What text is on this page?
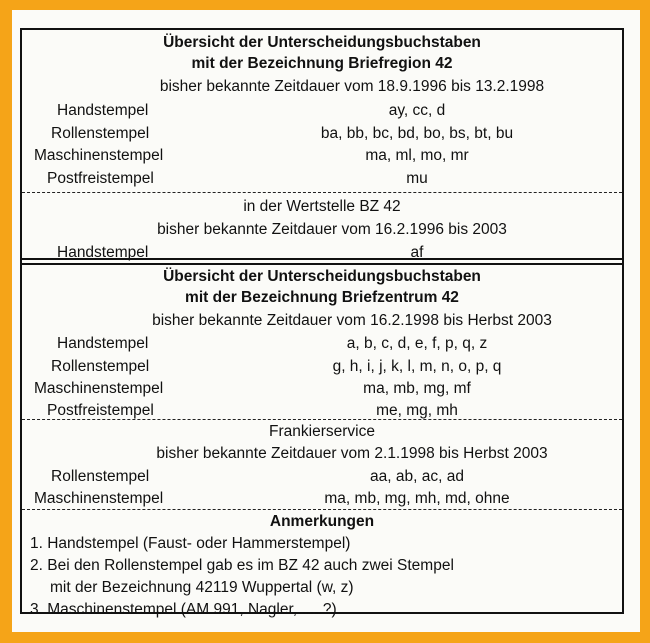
Übersicht der Unterscheidungsbuchstaben
mit der Bezeichnung Briefregion 42
bisher bekannte Zeitdauer vom 18.9.1996 bis 13.2.1998
Handstempel	ay, cc, d
Rollenstempel	ba, bb, bc, bd, bo, bs, bt, bu
Maschinenstempel	ma, ml, mo, mr
Postfreistempel	mu
in der Wertstelle BZ 42
bisher bekannte Zeitdauer vom 16.2.1996 bis 2003
Handstempel	af
Übersicht der Unterscheidungsbuchstaben
mit der Bezeichnung Briefzentrum 42
bisher bekannte Zeitdauer vom 16.2.1998 bis Herbst 2003
Handstempel	a, b, c, d, e, f, p, q, z
Rollenstempel	g, h, i, j, k, l, m, n, o, p, q
Maschinenstempel	ma, mb, mg, mf
Postfreistempel	me, mg, mh
Frankierservice
bisher bekannte Zeitdauer vom 2.1.1998 bis Herbst 2003
Rollenstempel	aa, ab, ac, ad
Maschinenstempel	ma, mb, mg, mh, md, ohne
Anmerkungen
1. Handstempel (Faust- oder Hammerstempel)
2. Bei den Rollenstempel gab es im BZ 42 auch zwei Stempel
mit der Bezeichnung 42119 Wuppertal (w, z)
3. Maschinenstempel (AM 991, Nagler, .....?)
